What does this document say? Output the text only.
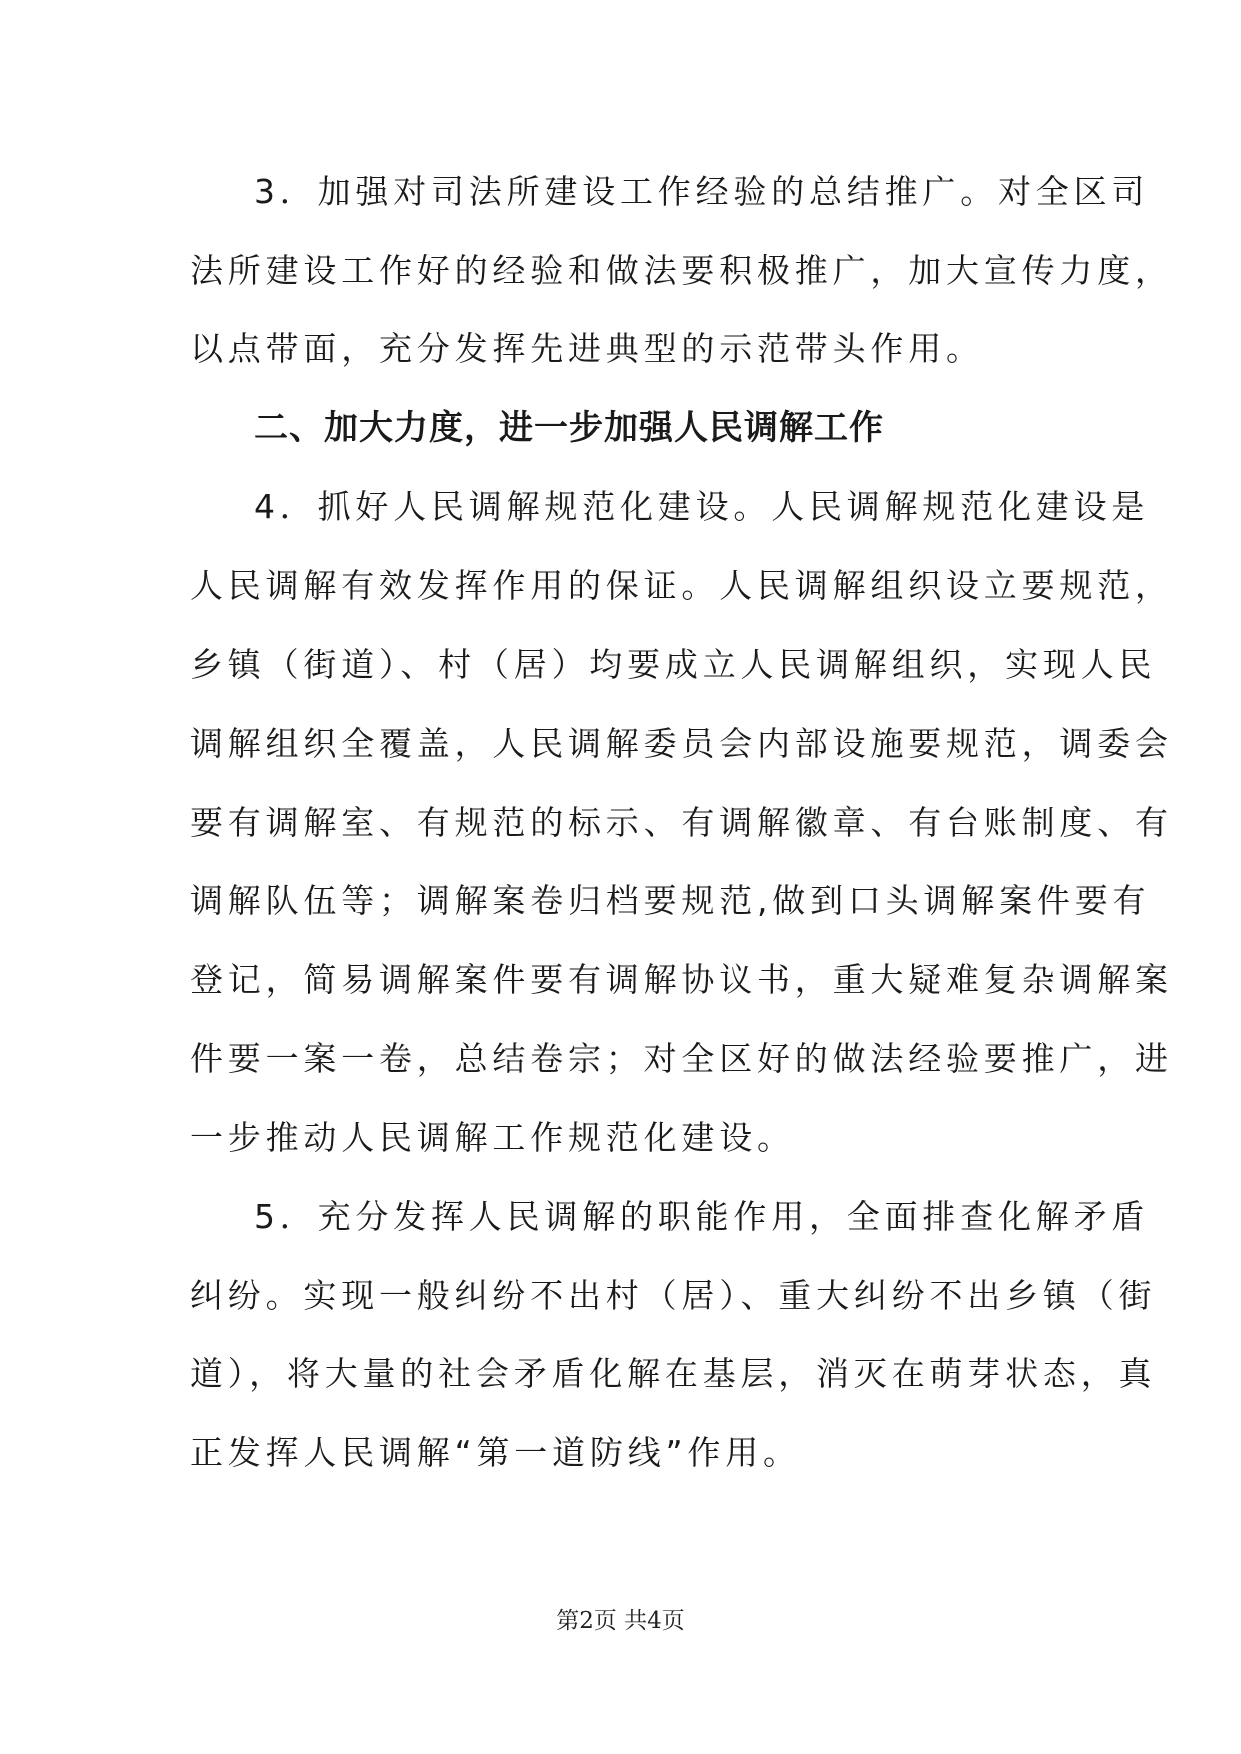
3．加强对司法所建设工作经验的总结推广。对全区司
法所建设工作好的经验和做法要积极推广，加大宣传力度，
以点带面，充分发挥先进典型的示范带头作用。
二、加大力度，进一步加强人民调解工作
4．抓好人民调解规范化建设。人民调解规范化建设是
人民调解有效发挥作用的保证。人民调解组织设立要规范，
乡镇（街道）、村（居）均要成立人民调解组织，实现人民
调解组织全覆盖，人民调解委员会内部设施要规范，调委会
要有调解室、有规范的标示、有调解徽章、有台账制度、有
调解队伍等；调解案卷归档要规范,做到口头调解案件要有
登记，简易调解案件要有调解协议书，重大疑难复杂调解案
件要一案一卷，总结卷宗；对全区好的做法经验要推广，进
一步推动人民调解工作规范化建设。
5．充分发挥人民调解的职能作用，全面排查化解矛盾
纠纷。实现一般纠纷不出村（居）、重大纠纷不出乡镇（街
道），将大量的社会矛盾化解在基层，消灭在萌芽状态，真
正发挥人民调解“第一道防线”作用。
第2页 共4页
